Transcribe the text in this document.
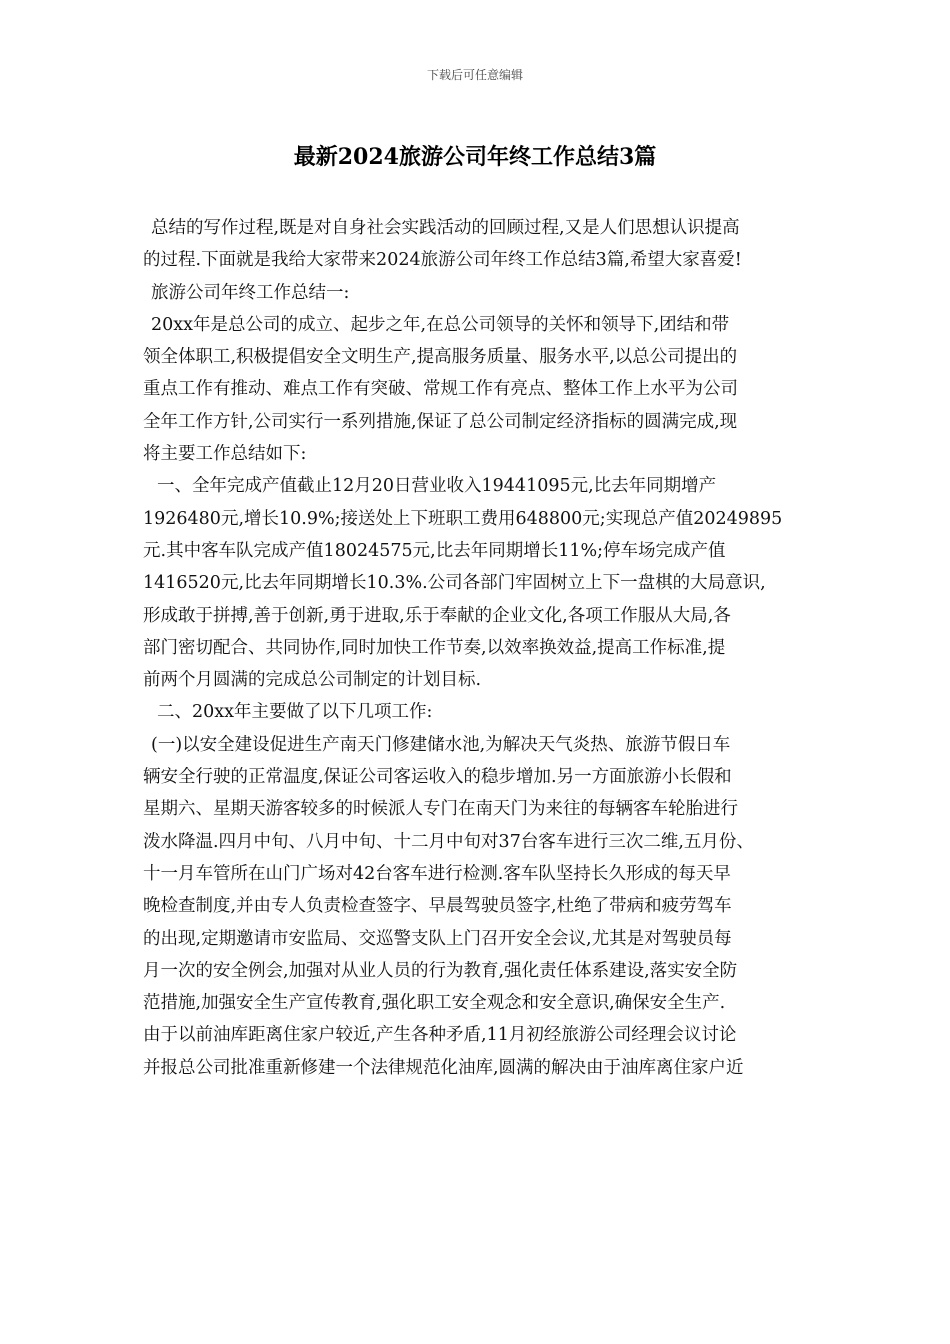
下载后可任意编辑
最新2024旅游公司年终工作总结3篇
总结的写作过程,既是对自身社会实践活动的回顾过程,又是人们思想认识提高
的过程.下面就是我给大家带来2024旅游公司年终工作总结3篇,希望大家喜爱!
旅游公司年终工作总结一:
20xx年是总公司的成立、起步之年,在总公司领导的关怀和领导下,团结和带
领全体职工,积极提倡安全文明生产,提高服务质量、服务水平,以总公司提出的
重点工作有推动、难点工作有突破、常规工作有亮点、整体工作上水平为公司
全年工作方针,公司实行一系列措施,保证了总公司制定经济指标的圆满完成,现
将主要工作总结如下:
一、全年完成产值截止12月20日营业收入19441095元,比去年同期增产
1926480元,增长10.9%;接送处上下班职工费用648800元;实现总产值20249895
元.其中客车队完成产值18024575元,比去年同期增长11%;停车场完成产值
1416520元,比去年同期增长10.3%.公司各部门牢固树立上下一盘棋的大局意识,
形成敢于拼搏,善于创新,勇于进取,乐于奉献的企业文化,各项工作服从大局,各
部门密切配合、共同协作,同时加快工作节奏,以效率换效益,提高工作标准,提
前两个月圆满的完成总公司制定的计划目标.
二、20xx年主要做了以下几项工作:
(一)以安全建设促进生产南天门修建储水池,为解决天气炎热、旅游节假日车
辆安全行驶的正常温度,保证公司客运收入的稳步增加.另一方面旅游小长假和
星期六、星期天游客较多的时候派人专门在南天门为来往的每辆客车轮胎进行
泼水降温.四月中旬、八月中旬、十二月中旬对37台客车进行三次二维,五月份、
十一月车管所在山门广场对42台客车进行检测.客车队坚持长久形成的每天早
晚检查制度,并由专人负责检查签字、早晨驾驶员签字,杜绝了带病和疲劳驾车
的出现,定期邀请市安监局、交巡警支队上门召开安全会议,尤其是对驾驶员每
月一次的安全例会,加强对从业人员的行为教育,强化责任体系建设,落实安全防
范措施,加强安全生产宣传教育,强化职工安全观念和安全意识,确保安全生产.
由于以前油库距离住家户较近,产生各种矛盾,11月初经旅游公司经理会议讨论
并报总公司批准重新修建一个法律规范化油库,圆满的解决由于油库离住家户近
